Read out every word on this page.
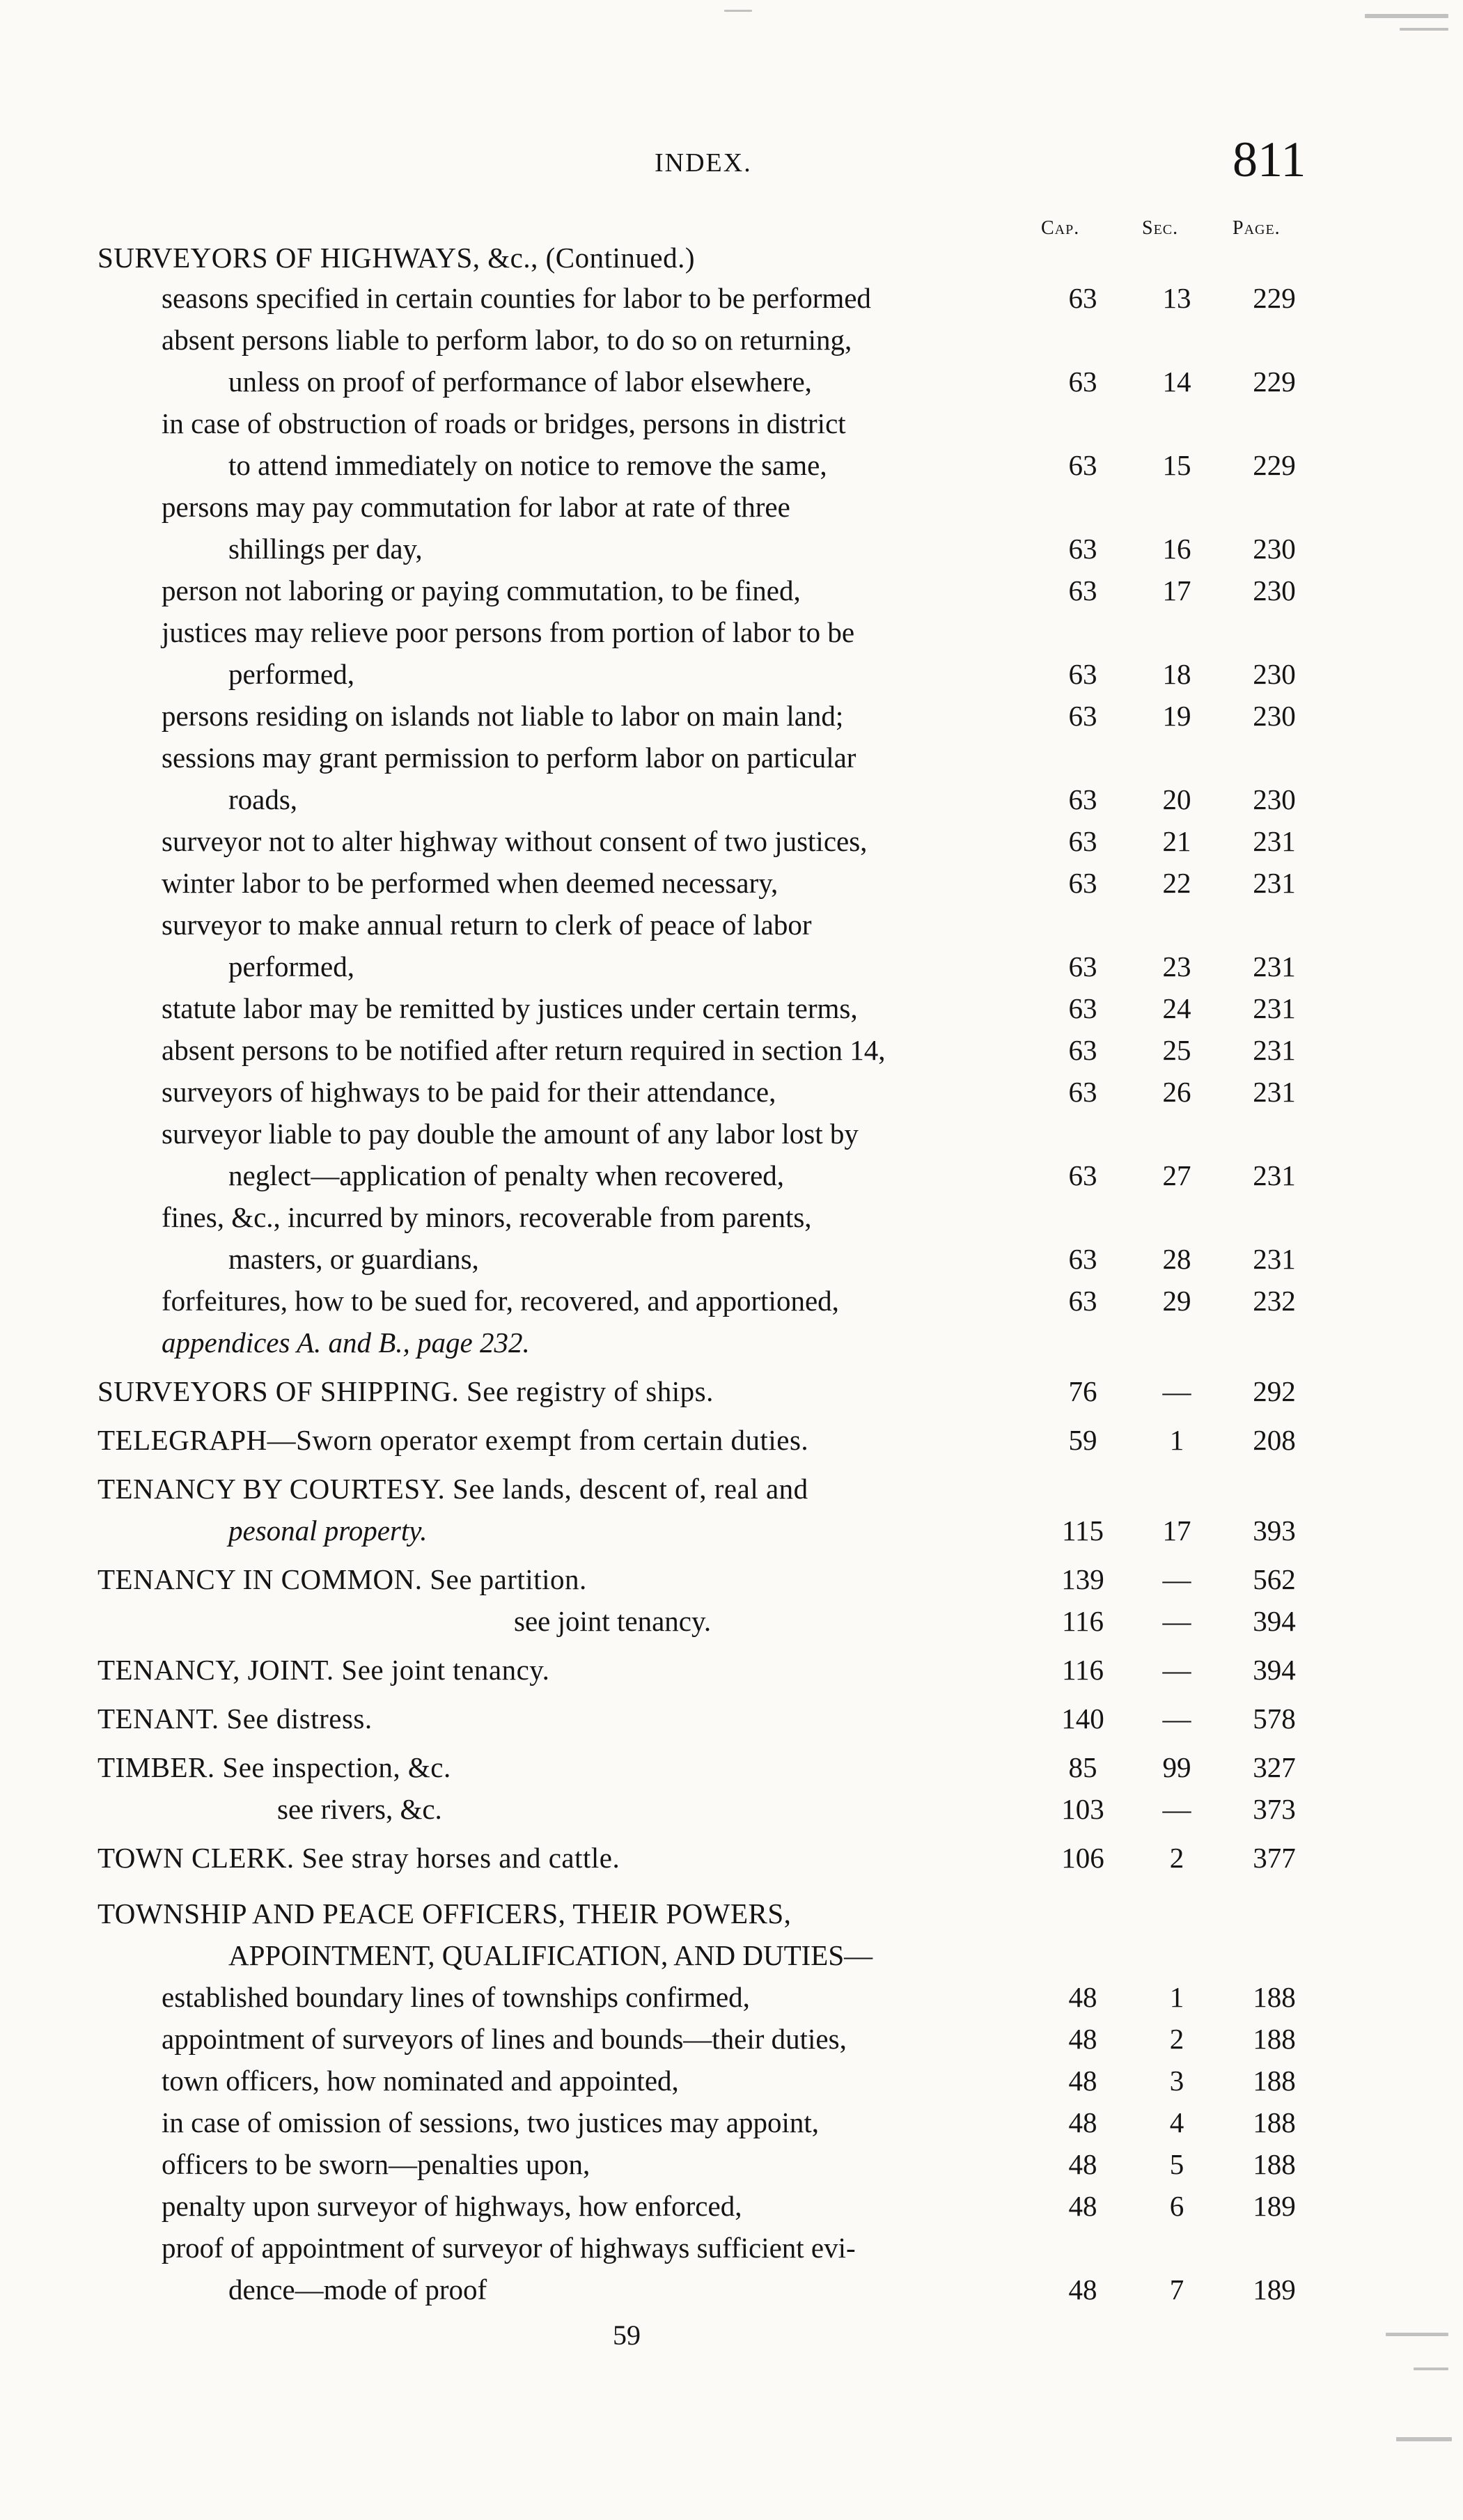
INDEX.	811
Cap.	Sec.	Page.
SURVEYORS OF HIGHWAYS, &c., (Continued.)
seasons specified in certain counties for labor to be performed	63	13	229
absent persons liable to perform labor, to do so on returning,
unless on proof of performance of labor elsewhere,	63	14	229
in case of obstruction of roads or bridges, persons in district
to attend immediately on notice to remove the same,	63	15	229
persons may pay commutation for labor at rate of three
shillings per day,	63	16	230
person not laboring or paying commutation, to be fined,	63	17	230
justices may relieve poor persons from portion of labor to be
performed,	63	18	230
persons residing on islands not liable to labor on main land;	63	19	230
sessions may grant permission to perform labor on particular
roads,	63	20	230
surveyor not to alter highway without consent of two justices,	63	21	231
winter labor to be performed when deemed necessary,	63	22	231
surveyor to make annual return to clerk of peace of labor
performed,	63	23	231
statute labor may be remitted by justices under certain terms,	63	24	231
absent persons to be notified after return required in section 14,	63	25	231
surveyors of highways to be paid for their attendance,	63	26	231
surveyor liable to pay double the amount of any labor lost by
neglect—application of penalty when recovered,	63	27	231
fines, &c., incurred by minors, recoverable from parents,
masters, or guardians,	63	28	231
forfeitures, how to be sued for, recovered, and apportioned,	63	29	232
appendices A. and B., page 232.
SURVEYORS OF SHIPPING. See registry of ships.	76	—	292
TELEGRAPH—Sworn operator exempt from certain duties.	59	1	208
TENANCY BY COURTESY. See lands, descent of, real and
pesonal property.	115	17	393
TENANCY IN COMMON. See partition.	139	—	562
see joint tenancy.	116	—	394
TENANCY, JOINT. See joint tenancy.	116	—	394
TENANT. See distress.	140	—	578
TIMBER. See inspection, &c.	85	99	327
see rivers, &c.	103	—	373
TOWN CLERK. See stray horses and cattle.	106	2	377
TOWNSHIP AND PEACE OFFICERS, THEIR POWERS,
APPOINTMENT, QUALIFICATION, AND DUTIES—
established boundary lines of townships confirmed,	48	1	188
appointment of surveyors of lines and bounds—their duties,	48	2	188
town officers, how nominated and appointed,	48	3	188
in case of omission of sessions, two justices may appoint,	48	4	188
officers to be sworn—penalties upon,	48	5	188
penalty upon surveyor of highways, how enforced,	48	6	189
proof of appointment of surveyor of highways sufficient evi-
dence—mode of proof	48	7	189
59
